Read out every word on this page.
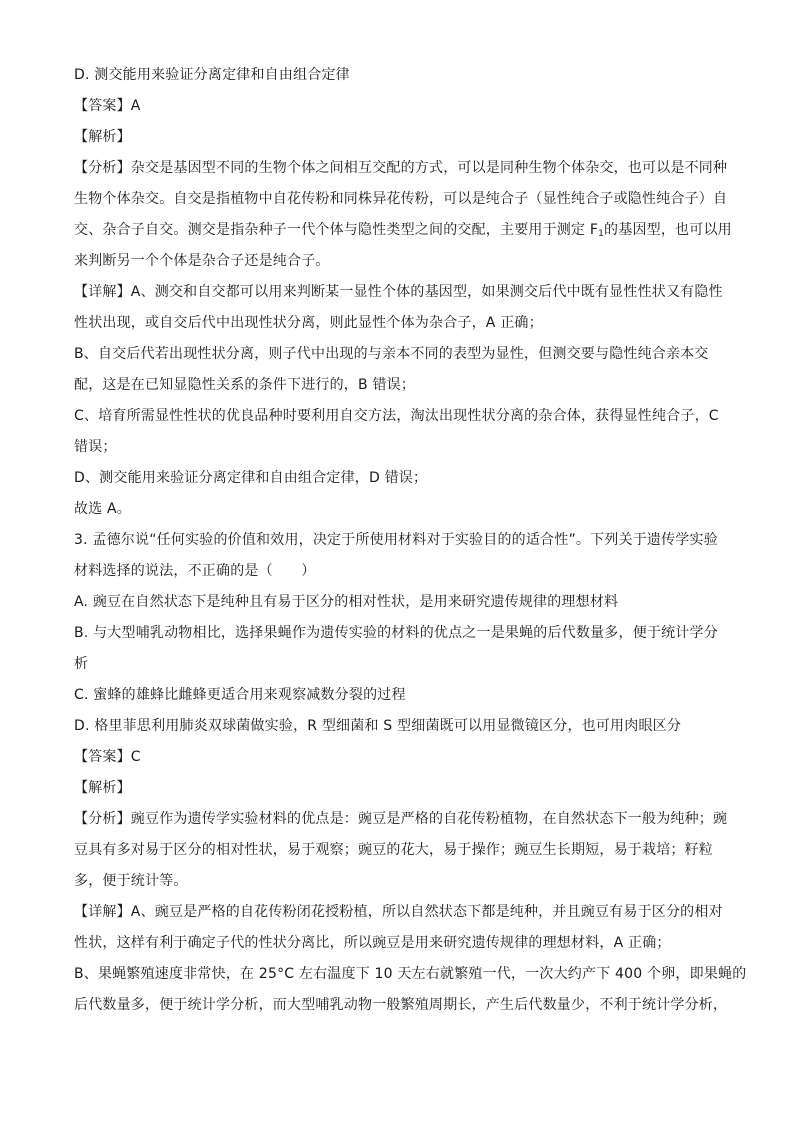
D. 测交能用来验证分离定律和自由组合定律

【答案】A

【解析】

【分析】杂交是基因型不同的生物个体之间相互交配的方式，可以是同种生物个体杂交，也可以是不同种

生物个体杂交。自交是指植物中自花传粉和同株异花传粉，可以是纯合子（显性纯合子或隐性纯合子）自

交、杂合子自交。测交是指杂种子一代个体与隐性类型之间的交配，主要用于测定 $F_1$的基因型，也可以用

来判断另一个个体是杂合子还是纯合子。

【详解】A、测交和自交都可以用来判断某一显性个体的基因型，如果测交后代中既有显性性状又有隐性

性状出现，或自交后代中出现性状分离，则此显性个体为杂合子，A 正确；

B、自交后代若出现性状分离，则子代中出现的与亲本不同的表型为显性，但测交要与隐性纯合亲本交

配，这是在已知显隐性关系的条件下进行的，B 错误；

C、培育所需显性性状的优良品种时要利用自交方法，淘汰出现性状分离的杂合体，获得显性纯合子，C

错误；

D、测交能用来验证分离定律和自由组合定律，D 错误；

故选 A。

3. 孟德尔说“任何实验的价值和效用，决定于所使用材料对于实验目的的适合性”。下列关于遗传学实验

材料选择的说法，不正确的是（　　）

A. 豌豆在自然状态下是纯种且有易于区分的相对性状，是用来研究遗传规律的理想材料

B. 与大型哺乳动物相比，选择果蝇作为遗传实验的材料的优点之一是果蝇的后代数量多，便于统计学分

析

C. 蜜蜂的雄蜂比雌蜂更适合用来观察减数分裂的过程

D. 格里菲思利用肺炎双球菌做实验，R 型细菌和 S 型细菌既可以用显微镜区分，也可用肉眼区分

【答案】C

【解析】

【分析】豌豆作为遗传学实验材料的优点是：豌豆是严格的自花传粉植物，在自然状态下一般为纯种；豌

豆具有多对易于区分的相对性状，易于观察；豌豆的花大，易于操作；豌豆生长期短，易于栽培；籽粒

多，便于统计等。

【详解】A、豌豆是严格的自花传粉闭花授粉植，所以自然状态下都是纯种，并且豌豆有易于区分的相对

性状，这样有利于确定子代的性状分离比，所以豌豆是用来研究遗传规律的理想材料，A 正确；

B、果蝇繁殖速度非常快，在 25°C 左右温度下 10 天左右就繁殖一代，一次大约产下 400 个卵，即果蝇的

后代数量多，便于统计学分析，而大型哺乳动物一般繁殖周期长，产生后代数量少，不利于统计学分析，
